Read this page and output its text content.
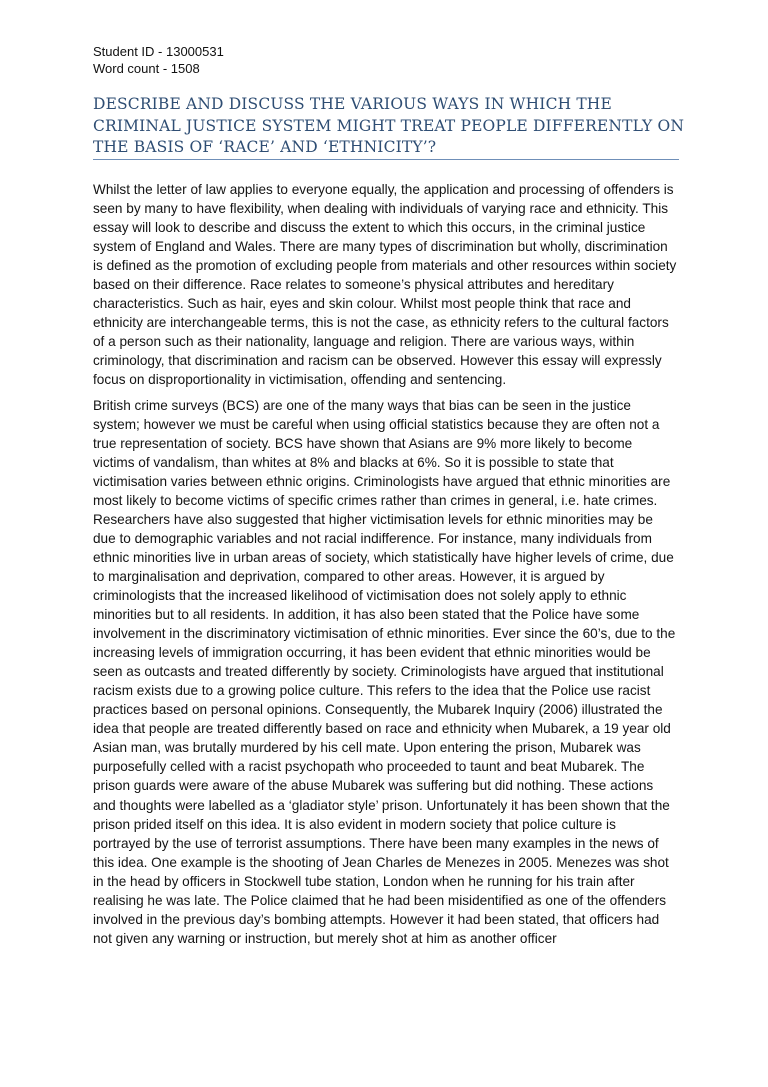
Student ID - 13000531
Word count - 1508
DESCRIBE AND DISCUSS THE VARIOUS WAYS IN WHICH THE CRIMINAL JUSTICE SYSTEM MIGHT TREAT PEOPLE DIFFERENTLY ON THE BASIS OF ‘RACE’ AND ‘ETHNICITY’?

Whilst the letter of law applies to everyone equally, the application and processing of offenders is seen by many to have flexibility, when dealing with individuals of varying race and ethnicity. This essay will look to describe and discuss the extent to which this occurs, in the criminal justice system of England and Wales. There are many types of discrimination but wholly, discrimination is defined as the promotion of excluding people from materials and other resources within society based on their difference. Race relates to someone’s physical attributes and hereditary characteristics. Such as hair, eyes and skin colour. Whilst most people think that race and ethnicity are interchangeable terms, this is not the case, as ethnicity refers to the cultural factors of a person such as their nationality, language and religion. There are various ways, within criminology, that discrimination and racism can be observed. However this essay will expressly focus on disproportionality in victimisation, offending and sentencing.

British crime surveys (BCS) are one of the many ways that bias can be seen in the justice system; however we must be careful when using official statistics because they are often not a true representation of society. BCS have shown that Asians are 9% more likely to become victims of vandalism, than whites at 8% and blacks at 6%. So it is possible to state that victimisation varies between ethnic origins. Criminologists have argued that ethnic minorities are most likely to become victims of specific crimes rather than crimes in general, i.e. hate crimes. Researchers have also suggested that higher victimisation levels for ethnic minorities may be due to demographic variables and not racial indifference. For instance, many individuals from ethnic minorities live in urban areas of society, which statistically have higher levels of crime, due to marginalisation and deprivation, compared to other areas. However, it is argued by criminologists that the increased likelihood of victimisation does not solely apply to ethnic minorities but to all residents. In addition, it has also been stated that the Police have some involvement in the discriminatory victimisation of ethnic minorities. Ever since the 60’s, due to the increasing levels of immigration occurring, it has been evident that ethnic minorities would be seen as outcasts and treated differently by society. Criminologists have argued that institutional racism exists due to a growing police culture. This refers to the idea that the Police use racist practices based on personal opinions. Consequently, the Mubarek Inquiry (2006) illustrated the idea that people are treated differently based on race and ethnicity when Mubarek, a 19 year old Asian man, was brutally murdered by his cell mate. Upon entering the prison, Mubarek was purposefully celled with a racist psychopath who proceeded to taunt and beat Mubarek. The prison guards were aware of the abuse Mubarek was suffering but did nothing. These actions and thoughts were labelled as a ‘gladiator style’ prison. Unfortunately it has been shown that the prison prided itself on this idea. It is also evident in modern society that police culture is portrayed by the use of terrorist assumptions. There have been many examples in the news of this idea. One example is the shooting of Jean Charles de Menezes in 2005. Menezes was shot in the head by officers in Stockwell tube station, London when he running for his train after realising he was late. The Police claimed that he had been misidentified as one of the offenders involved in the previous day’s bombing attempts. However it had been stated, that officers had not given any warning or instruction, but merely shot at him as another officer
